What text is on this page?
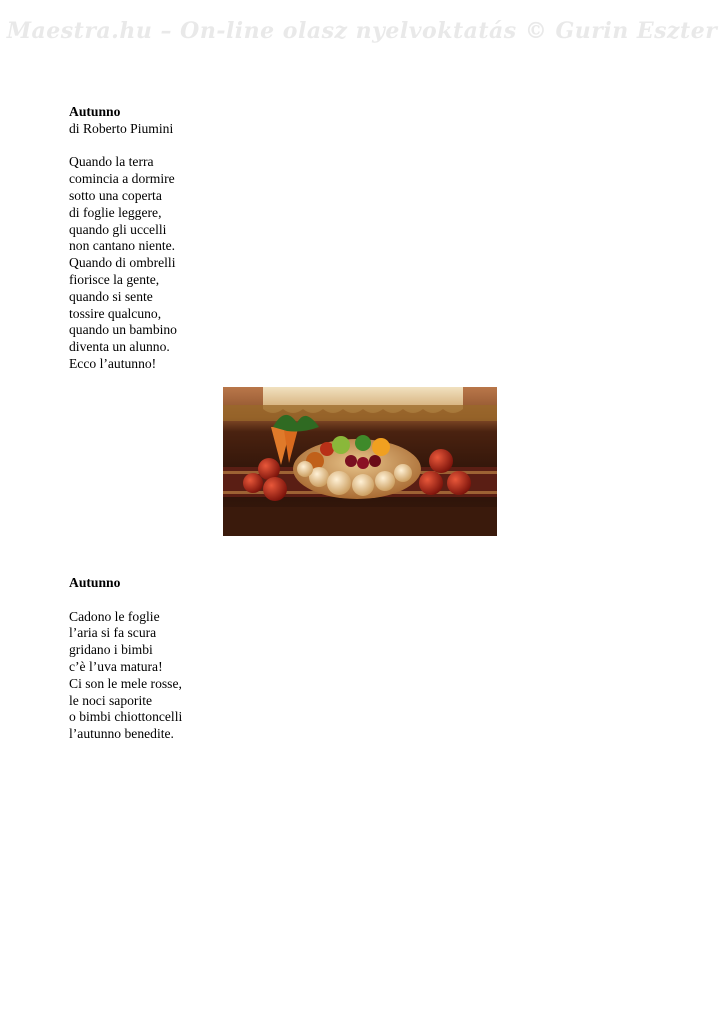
Maestra.hu – On-line olasz nyelvoktatás © Gurin Eszter
Autunno
di Roberto Piumini
Quando la terra
comincia a dormire
sotto una coperta
di foglie leggere,
quando gli uccelli
non cantano niente.
Quando di ombrelli
fiorisce la gente,
quando si sente
tossire qualcuno,
quando un bambino
diventa un alunno.
Ecco l’autunno!
Autunno
Cadono le foglie
l’aria si fa scura
gridano i bimbi
c’è l’uva matura!
Ci son le mele rosse,
le noci saporite
o bimbi chiottoncelli
l’autunno benedite.
